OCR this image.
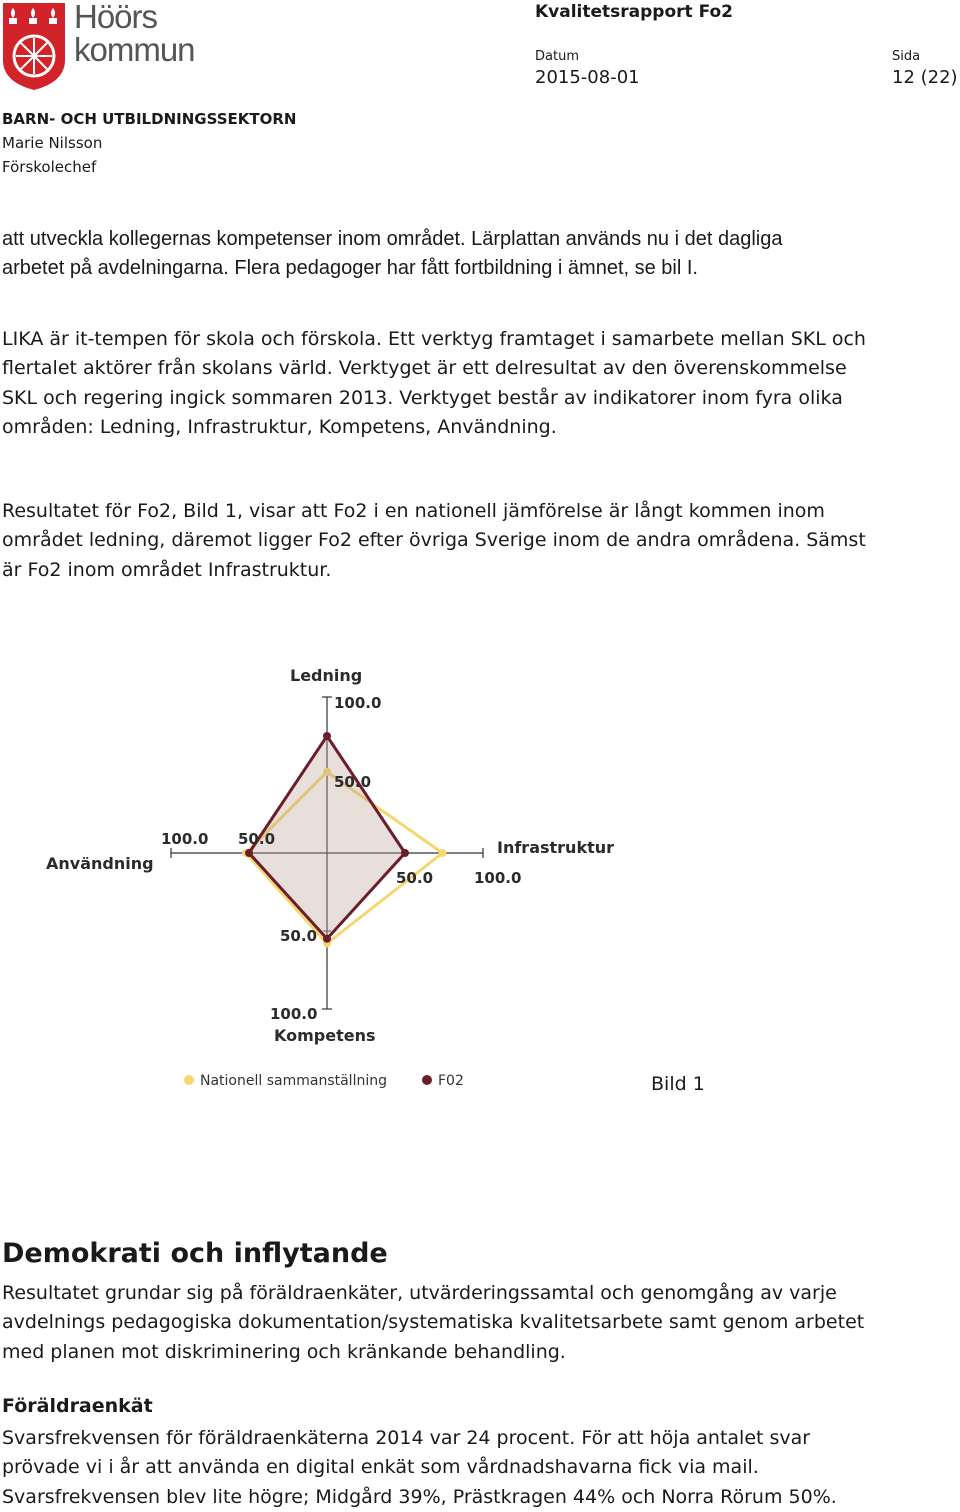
Höörs
kommun
Kvalitetsrapport Fo2
Datum
2015-08-01
Sida
12 (22)
BARN- OCH UTBILDNINGSSEKTORN
Marie Nilsson
Förskolechef
att utveckla kollegernas kompetenser inom området. Lärplattan används nu i det dagliga
arbetet på avdelningarna. Flera pedagoger har fått fortbildning i ämnet, se bil I.
LIKA är it-tempen för skola och förskola. Ett verktyg framtaget i samarbete mellan SKL och
flertalet aktörer från skolans värld. Verktyget är ett delresultat av den överenskommelse
SKL och regering ingick sommaren 2013. Verktyget består av indikatorer inom fyra olika
områden: Ledning, Infrastruktur, Kompetens, Användning.
Resultatet för Fo2, Bild 1, visar att Fo2 i en nationell jämförelse är långt kommen inom
området ledning, däremot ligger Fo2 efter övriga Sverige inom de andra områdena. Sämst
är Fo2 inom området Infrastruktur.
100.0
50.0
100.0
50.0
50.0
100.0
100.0 50.0
Ledning
Infrastruktur
Kompetens
Användning
Nationell sammanställning	F02	Bild 1
Demokrati och inflytande
Resultatet grundar sig på föräldraenkäter, utvärderingssamtal och genomgång av varje
avdelnings pedagogiska dokumentation/systematiska kvalitetsarbete samt genom arbetet
med planen mot diskriminering och kränkande behandling.
Föräldraenkät
Svarsfrekvensen för föräldraenkäterna 2014 var 24 procent. För att höja antalet svar
prövade vi i år att använda en digital enkät som vårdnadshavarna fick via mail.
Svarsfrekvensen blev lite högre; Midgård 39%, Prästkragen 44% och Norra Rörum 50%.
